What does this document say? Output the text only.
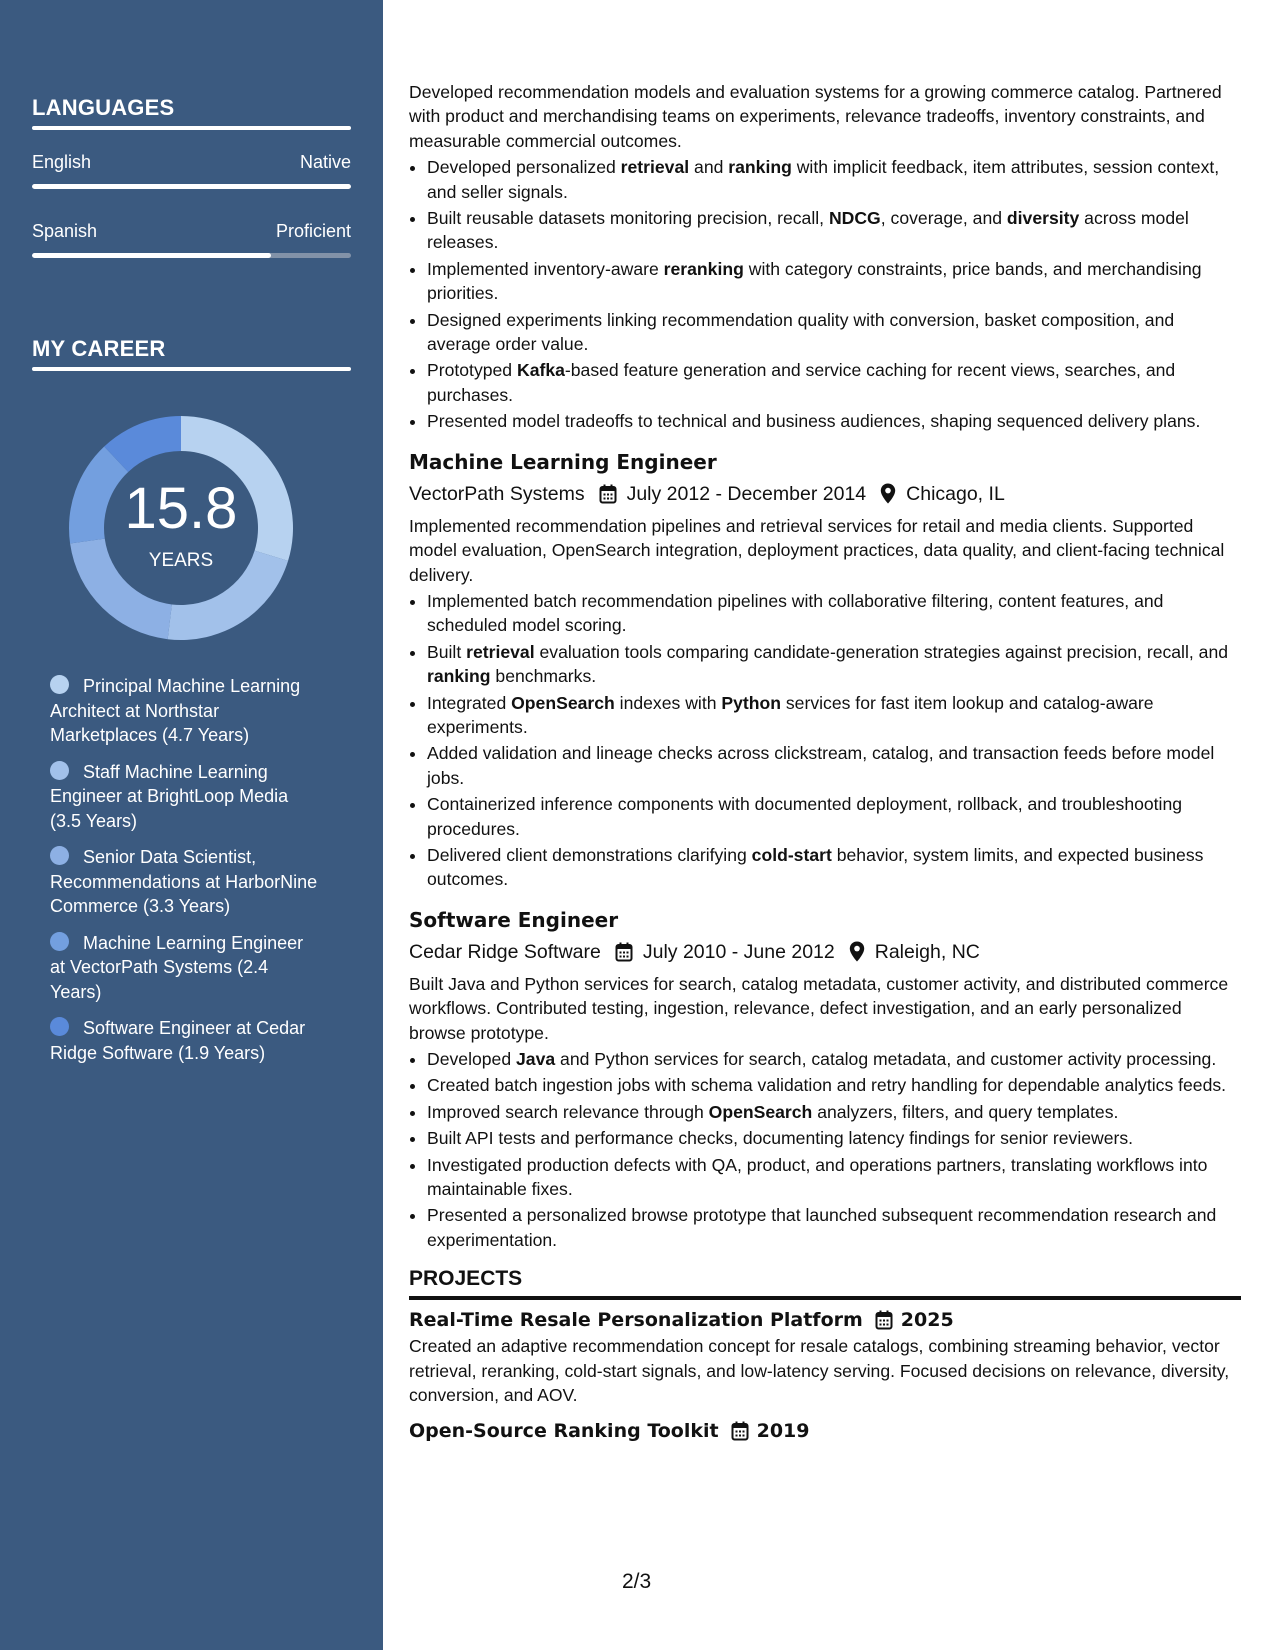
LANGUAGES
English	Native
Spanish	Proficient
MY CAREER
15.8
YEARS
Principal Machine Learning Architect at Northstar Marketplaces (4.7 Years)
Staff Machine Learning Engineer at BrightLoop Media (3.5 Years)
Senior Data Scientist, Recommendations at HarborNine Commerce (3.3 Years)
Machine Learning Engineer at VectorPath Systems (2.4 Years)
Software Engineer at Cedar Ridge Software (1.9 Years)

Developed recommendation models and evaluation systems for a growing commerce catalog. Partnered with product and merchandising teams on experiments, relevance tradeoffs, inventory constraints, and measurable commercial outcomes.

• Developed personalized retrieval and ranking with implicit feedback, item attributes, session context, and seller signals.
• Built reusable datasets monitoring precision, recall, NDCG, coverage, and diversity across model releases.
• Implemented inventory-aware reranking with category constraints, price bands, and merchandising priorities.
• Designed experiments linking recommendation quality with conversion, basket composition, and average order value.
• Prototyped Kafka-based feature generation and service caching for recent views, searches, and purchases.
• Presented model tradeoffs to technical and business audiences, shaping sequenced delivery plans.
Machine Learning Engineer
VectorPath Systems July 2012 - December 2014 Chicago, IL

Implemented recommendation pipelines and retrieval services for retail and media clients. Supported model evaluation, OpenSearch integration, deployment practices, data quality, and client-facing technical delivery.

• Implemented batch recommendation pipelines with collaborative filtering, content features, and scheduled model scoring.
• Built retrieval evaluation tools comparing candidate-generation strategies against precision, recall, and ranking benchmarks.
• Integrated OpenSearch indexes with Python services for fast item lookup and catalog-aware experiments.
• Added validation and lineage checks across clickstream, catalog, and transaction feeds before model jobs.
• Containerized inference components with documented deployment, rollback, and troubleshooting procedures.
• Delivered client demonstrations clarifying cold-start behavior, system limits, and expected business outcomes.
Software Engineer
Cedar Ridge Software July 2010 - June 2012 Raleigh, NC

Built Java and Python services for search, catalog metadata, customer activity, and distributed commerce workflows. Contributed testing, ingestion, relevance, defect investigation, and an early personalized browse prototype.

• Developed Java and Python services for search, catalog metadata, and customer activity processing.
• Created batch ingestion jobs with schema validation and retry handling for dependable analytics feeds.
• Improved search relevance through OpenSearch analyzers, filters, and query templates.
• Built API tests and performance checks, documenting latency findings for senior reviewers.
• Investigated production defects with QA, product, and operations partners, translating workflows into maintainable fixes.
• Presented a personalized browse prototype that launched subsequent recommendation research and experimentation.
PROJECTS
Real-Time Resale Personalization Platform 2025

Created an adaptive recommendation concept for resale catalogs, combining streaming behavior, vector retrieval, reranking, cold-start signals, and low-latency serving. Focused decisions on relevance, diversity, conversion, and AOV.

Open-Source Ranking Toolkit 2019
2/3
